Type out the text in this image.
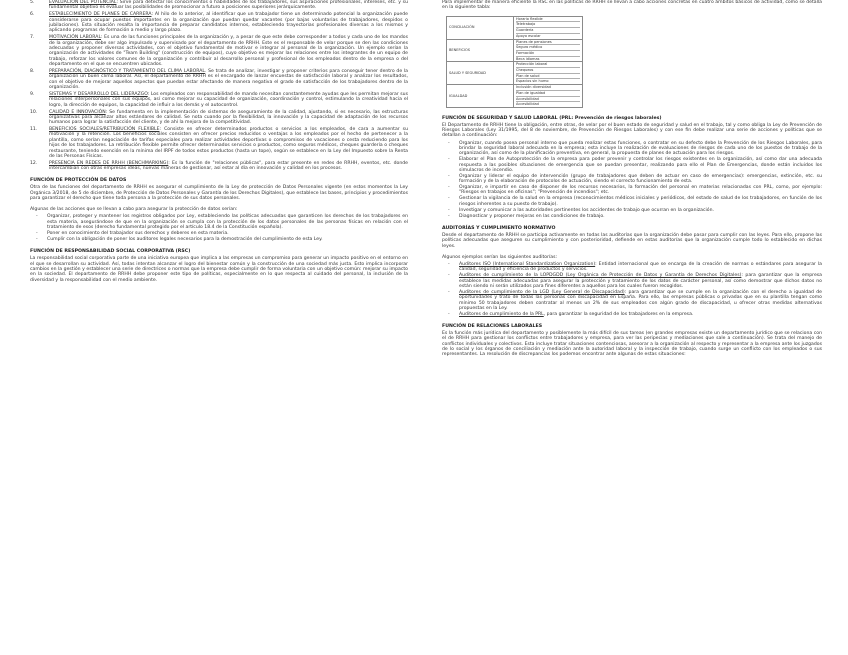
5.	EVALUACIÓN DEL POTENCIAL: Sirve para detectar los conocimientos o habilidades de los trabajadores, sus aspiraciones profesionales, intereses, etc. y su fundamental objetivo es evaluar las posibilidades de promocionar a futuro a posiciones superiores jerárquicamente.
6.	ESTABLECIMIENTO DE PLANES DE CARRERA: Al hilo de lo anterior, al identificar que un trabajador tiene un determinado potencial la organización puede considerarse para ocupar puestos importantes en la organización que puedan quedar vacantes (por bajas voluntarias de trabajadores, despidos o jubilaciones). Esta situación resalta la importancia de preparar candidatos internos, estableciendo trayectorias profesionales diversas a los mismos y aplicando programas de formación a medio y largo plazo.
7.	MOTIVACIÓN LABORAL: Es una de las funciones principales de la organización y, a pesar de que este debe corresponder a todos y cada uno de los mandos de la organización, debe ser algo impulsado y supervisado por el departamento de RRHH. Este es el responsable de velar porque se den las condiciones adecuadas y proponer diversas actividades, con el objetivo fundamental de motivar e integrar al personal de la organización. Un ejemplo serían la organización de actividades de "Team Building" (construcción de equipos), cuyo objetivo es mejorar las relaciones entre los integrantes de un equipo de trabajo, reforzar los valores comunes de la organización y contribuir al desarrollo personal y profesional de los empleados dentro de la empresa o del departamento en el que se encuentren ubicados.
8.	PREPARACIÓN, DIAGNÓSTICO Y TRATAMIENTO DEL CLIMA LABORAL. Se trata de analizar, investigar y proponer criterios para conseguir tener dentro de la organización un buen clima laboral. Así, el departamento de RRHH es el encargado de lanzar encuestas de satisfacción laboral y analizar los resultados, con el objetivo de mejorar aquellos aspectos que puedan estar afectando de manera negativa el grado de satisfacción de los trabajadores dentro de la organización.
9.	SISTEMAS Y DESARROLLO DEL LIDERAZGO: Los empleados con responsabilidad de mando necesitan constantemente ayudas que les permitan mejorar sus relaciones interpersonales con sus equipos, así como mejorar su capacidad de organización, coordinación y control, estimulando la creatividad hacia el logro, la dirección de equipos, la capacidad de influir a los demás y el autocontrol.
10.	CALIDAD E INNOVACIÓN: Se fundamenta en la implementación de sistemas de aseguramiento de la calidad, ajustando, si es necesario, las estructuras organizativas para alcanzar altos estándares de calidad. Se nota cuando por la flexibilidad, la innovación y la capacidad de adaptación de los recursos humanos para lograr la satisfacción del cliente, y de ahí la mejora de la competitividad.
11.	BENEFICIOS SOCIALES/RETRIBUCIÓN FLEXIBLE: Consiste en ofrecer determinados productos o servicios a los empleados, de cara a aumentar su motivación y la retención. Los beneficios sociales consisten en ofrecer precios reducidos o ventajas a los empleados por el hecho de pertenecer a la plantilla, como serían negociación de tarifas especiales para realizar actividades deportivas o compromisos de vacaciones o cesta reduciendo para los hijos de los trabajadores. La retribución flexible permite ofrecer determinados servicios o productos, como seguros médicos, cheques guardería o cheques restaurante, teniendo exención en la mínima del IRPF de todos estos productos (hasta un tope), según se establece en la Ley del Impuesto sobre la Renta de las Personas Físicas.
12.	PRESENCIA EN REDES DE RRHH (BENCHMARKING): Es la función de "relaciones públicas", para estar presente en redes de RRHH, eventos, etc. donde intercambian con otras empresas ideas, nuevas maneras de gestionar, así estar al día en innovación y calidad en los procesos.
FUNCIÓN DE PROTECCIÓN DE DATOS

Otra de las funciones del departamento de RRHH es asegurar el cumplimiento de la Ley de protección de Datos Personales vigente (en estos momentos la Ley Orgánica 3/2018, de 5 de diciembre, de Protección de Datos Personales y Garantía de los Derechos Digitales), que establece las bases, principios y procedimientos para garantizar el derecho que tiene toda persona a la protección de sus datos personales.

Algunas de las acciones que se llevan a cabo para asegurar la protección de datos serían:

- Organizar, proteger y mantener los registros obligados por Ley, estableciendo las políticas adecuadas que garanticen los derechos de los trabajadores en esta materia, asegurándose de que en la organización se cumpla con la protección de los datos personales de las personas físicas en relación con el tratamiento de esos (derecho fundamental protegido por el artículo 18.4 de la Constitución española).
- Poner en conocimiento del trabajador sus derechos y deberes en esta materia.
- Cumplir con la obligación de poner los auditores legales necesarios para la demostración del cumplimiento de esta Ley.
FUNCIÓN DE RESPONSABILIDAD SOCIAL CORPORATIVA (RSC)

La responsabilidad social corporativa parte de una iniciativa europea que implica a las empresas un compromiso para generar un impacto positivo en el entorno en el que se desarrollan su actividad. Así, todas intentan alcanzar el logro del bienestar común y la construcción de una sociedad más justa. Esto implica incorporar cambios en la gestión y establecer una serie de directrices o normas que la empresa debe cumplir de forma voluntaria con un objetivo común: mejorar su impacto en la sociedad. El departamento de RRHH debe proponer este tipo de políticas, especialmente en lo que respecta al cuidado del personal, la inclusión de la diversidad y la responsabilidad con el medio ambiente.

Para implementar de manera eficiente la RSC en las políticas de RRHH se llevan a cabo acciones concretas en cuatro ámbitos básicos de actividad, como se detalla en la siguiente tabla:

CONCILIACIÓN	Horario flexible
Teletrabajo
Guardería
Apoyo escolar

BENEFICIOS	Planes de pensiones
Seguro médico
Formación
Beca idiomas

SALUD Y SEGURIDAD	Protección laboral
Chequeos
Plan de salud
Espacios sin humo

IGUALDAD	Inclusión diversidad
Plan de igualdad
Accesibilidad
Accesibilidad
FUNCIÓN DE SEGURIDAD Y SALUD LABORAL (PRL: Prevención de riesgos laborales)

El Departamento de RRHH tiene la obligación, entre otras, de velar por el buen estado de seguridad y salud en el trabajo, tal y como obliga la Ley de Prevención de Riesgos Laborales (Ley 31/1995, del 8 de noviembre, de Prevención de Riesgos Laborales) y con ese fin debe realizar una serie de acciones y políticas que se detallan a continuación:

- Organizar, cuando posea personal interno que pueda realizar estas funciones, o contratar en su defecto debe la Prevención de los Riesgos Laborales, para brindar la seguridad laboral adecuada en la empresa; esta incluye la realización de evaluaciones de riesgos de cada uno de los puestos de trabajo de la organización, así como de la planificación preventiva, en general, la propuesta de planes de actuación para los riesgos.
- Elaborar el Plan de Autoprotección de la empresa para poder prevenir y controlar los riesgos existentes en la organización, así como dar una adecuada respuesta a las posibles situaciones de emergencia que se puedan presentar, realizando para ello el Plan de Emergencias, donde están incluidos los simulacros de incendio.
- Organizar y liderar el equipo de intervención (grupo de trabajadores que deben de actuar en caso de emergencias): emergencias, extinción, etc. su formación y de la elaboración de protocolos de actuación, siendo el correcto funcionamiento de esta.
- Organizar, e impartir en caso de disponer de los recursos necesarios, la formación del personal en materias relacionadas con PRL, como, por ejemplo: "Riesgos en trabajos en oficinas"; "Prevención de incendios"; etc.
- Gestionar la vigilancia de la salud en la empresa (reconocimientos médicos iniciales y periódicos, del estado de salud de los trabajadores, en función de los riesgos inherentes a su puesto de trabajo).
- Investigar y comunicar a las autoridades pertinentes los accidentes de trabajo que ocurran en la organización.
- Diagnosticar y proponer mejoras en las condiciones de trabajo.
AUDITORÍAS Y CUMPLIMIENTO NORMATIVO

Desde el departamento de RRHH se participa activamente en todas las auditorías que la organización debe pasar para cumplir con las leyes. Para ello, propone las políticas adecuadas que aseguren su cumplimiento y con posterioridad, defiende en estas auditorías que la organización cumple todo lo establecido en dichas leyes.

Algunos ejemplos serían las siguientes auditorías:

- Auditores ISO (International Standardization Organization): Entidad internacional que se encarga de la creación de normas o estándares para asegurar la calidad, seguridad y eficiencia de productos y servicios.
- Auditores de cumplimiento de la LOPDGDD (Ley Orgánica de Protección de Datos y Garantía de Derechos Digitales): para garantizar que la empresa establece las medidas adecuadas para asegurar la protección y tratamiento de los datos de carácter personal, así como demostrar que dichos datos no están siendo ni serán utilizados para fines diferentes a aquellos para los cuales fueron recogidos.
- Auditores de cumplimiento de la LGD (Ley General de Discapacidad): para garantizar que se cumple en la organización con el derecho a igualdad de oportunidades y trato de todas las personas con discapacidad en España. Para ello, las empresas públicas o privadas que en su plantilla tengan como mínimo 50 trabajadores deben contratar al menos un 2% de sus empleados con algún grado de discapacidad, u ofrecer otras medidas alternativas propuestas en la Ley.
- Auditores de cumplimiento de la PRL, para garantizar la seguridad de los trabajadores en la empresa.
FUNCIÓN DE RELACIONES LABORALES

Es la función más jurídica del departamento y posiblemente la más difícil de sus tareas (en grandes empresas existe un departamento jurídico que se relaciona con el de RRHH para gestionar los conflictos entre trabajadores y empresa, para ver las peripecias y mediaciones que sale a continuación). Se trata del manejo de conflictos individuales y colectivos. Esta incluye tratar situaciones contenciosas, asesorar a la organización al respecto y representar a la empresa ante los juzgados de lo social y los órganos de conciliación y mediación ante la autoridad laboral y la inspección de trabajo, cuando surge un conflicto con los empleados o sus representantes. La resolución de discrepancias los podemos encontrar ante algunas de estas situaciones:
